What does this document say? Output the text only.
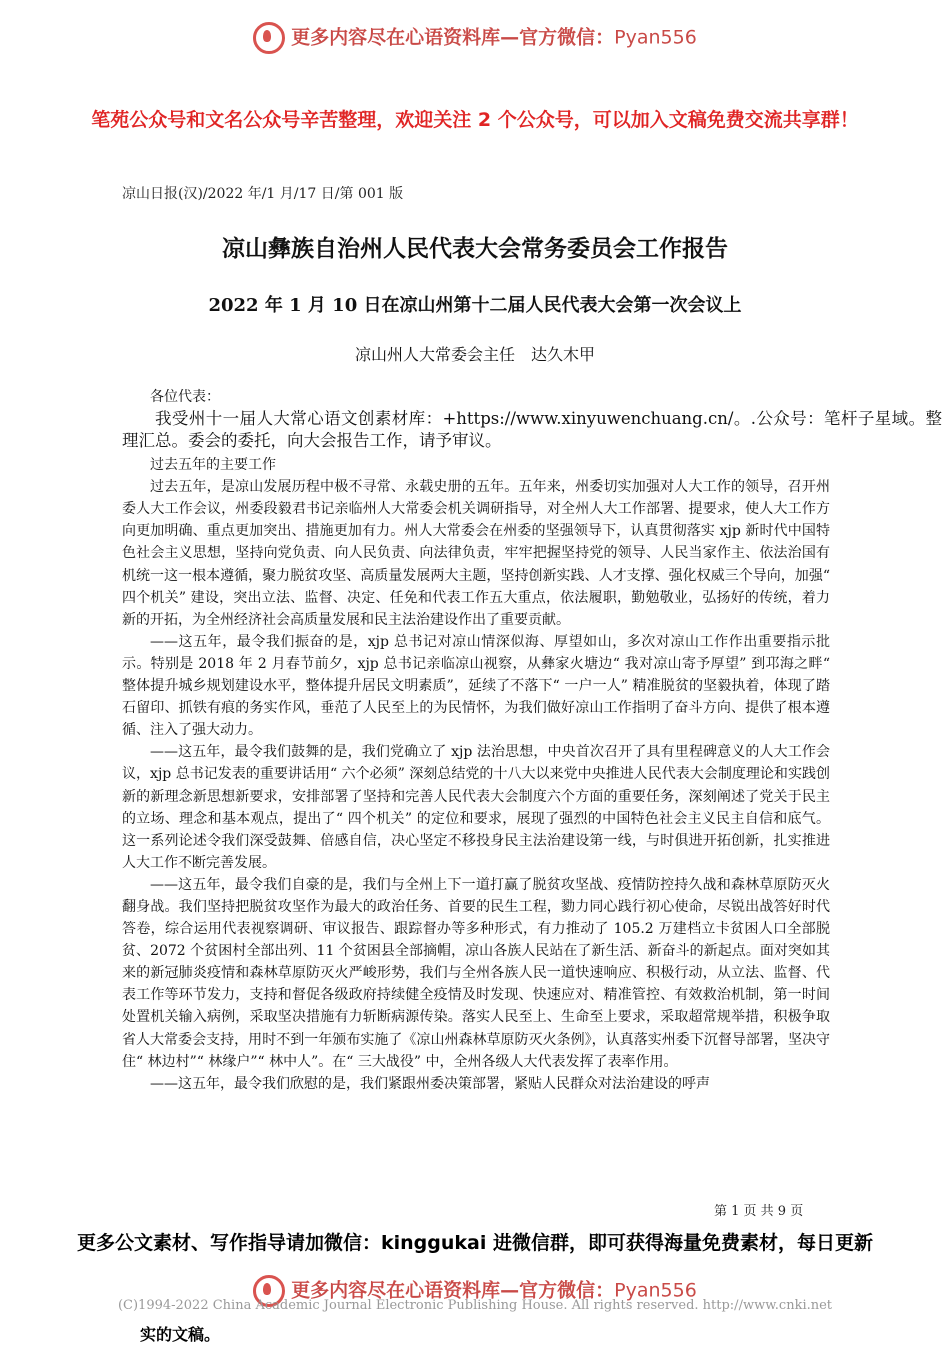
更多内容尽在心语资料库—官方微信：Pyan556
笔苑公众号和文名公众号辛苦整理，欢迎关注 2 个公众号，可以加入文稿免费交流共享群！
凉山日报(汉)/2022 年/1 月/17 日/第 001 版
凉山彝族自治州人民代表大会常务委员会工作报告
2022 年 1 月 10 日在凉山州第十二届人民代表大会第一次会议上
凉山州人大常委会主任　达久木甲

各位代表：

我受州十一届人大常心语文创素材库：+https://www.xinyuwenchuang.cn/。.公众号：笔杆子星域。整理汇总。委会的委托，向大会报告工作，请予审议。

过去五年的主要工作

过去五年，是凉山发展历程中极不寻常、永载史册的五年。五年来，州委切实加强对人大工作的领导，召开州委人大工作会议，州委段毅君书记亲临州人大常委会机关调研指导，对全州人大工作部署、提要求，使人大工作方向更加明确、重点更加突出、措施更加有力。州人大常委会在州委的坚强领导下，认真贯彻落实 xjp 新时代中国特色社会主义思想，坚持向党负责、向人民负责、向法律负责，牢牢把握坚持党的领导、人民当家作主、依法治国有机统一这一根本遵循，聚力脱贫攻坚、高质量发展两大主题，坚持创新实践、人才支撑、强化权威三个导向，加强“ 四个机关” 建设，突出立法、监督、决定、任免和代表工作五大重点，依法履职，勤勉敬业，弘扬好的传统，着力新的开拓，为全州经济社会高质量发展和民主法治建设作出了重要贡献。

——这五年，最令我们振奋的是，xjp 总书记对凉山情深似海、厚望如山，多次对凉山工作作出重要指示批示。特别是 2018 年 2 月春节前夕，xjp 总书记亲临凉山视察，从彝家火塘边“ 我对凉山寄予厚望” 到邛海之畔“ 整体提升城乡规划建设水平，整体提升居民文明素质”，延续了不落下“ 一户一人” 精准脱贫的坚毅执着，体现了踏石留印、抓铁有痕的务实作风，垂范了人民至上的为民情怀，为我们做好凉山工作指明了奋斗方向、提供了根本遵循、注入了强大动力。

——这五年，最令我们鼓舞的是，我们党确立了 xjp 法治思想，中央首次召开了具有里程碑意义的人大工作会议，xjp 总书记发表的重要讲话用“ 六个必须” 深刻总结党的十八大以来党中央推进人民代表大会制度理论和实践创新的新理念新思想新要求，安排部署了坚持和完善人民代表大会制度六个方面的重要任务，深刻阐述了党关于民主的立场、理念和基本观点，提出了“ 四个机关” 的定位和要求，展现了强烈的中国特色社会主义民主自信和底气。这一系列论述令我们深受鼓舞、倍感自信，决心坚定不移投身民主法治建设第一线，与时俱进开拓创新，扎实推进人大工作不断完善发展。

——这五年，最令我们自豪的是，我们与全州上下一道打赢了脱贫攻坚战、疫情防控持久战和森林草原防灭火翻身战。我们坚持把脱贫攻坚作为最大的政治任务、首要的民生工程，勠力同心践行初心使命，尽锐出战答好时代答卷，综合运用代表视察调研、审议报告、跟踪督办等多种形式，有力推动了 105.2 万建档立卡贫困人口全部脱贫、2072 个贫困村全部出列、11 个贫困县全部摘帽，凉山各族人民站在了新生活、新奋斗的新起点。面对突如其来的新冠肺炎疫情和森林草原防灭火严峻形势，我们与全州各族人民一道快速响应、积极行动，从立法、监督、代表工作等环节发力，支持和督促各级政府持续健全疫情及时发现、快速应对、精准管控、有效救治机制，第一时间处置机关输入病例，采取坚决措施有力斩断病源传染。落实人民至上、生命至上要求，采取超常规举措，积极争取省人大常委会支持，用时不到一年颁布实施了《凉山州森林草原防灭火条例》，认真落实州委下沉督导部署，坚决守住“ 林边村”“ 林缘户”“ 林中人”。在“ 三大战役” 中，全州各级人大代表发挥了表率作用。

——这五年，最令我们欣慰的是，我们紧跟州委决策部署，紧贴人民群众对法治建设的呼声

第 1 页 共 9 页
更多公文素材、写作指导请加微信：kinggukai 进微信群，即可获得海量免费素材，每日更新
更多内容尽在心语资料库—官方微信：Pyan556
(C)1994-2022 China Academic Journal Electronic Publishing House. All rights reserved. http://www.cnki.net
实的文稿。
